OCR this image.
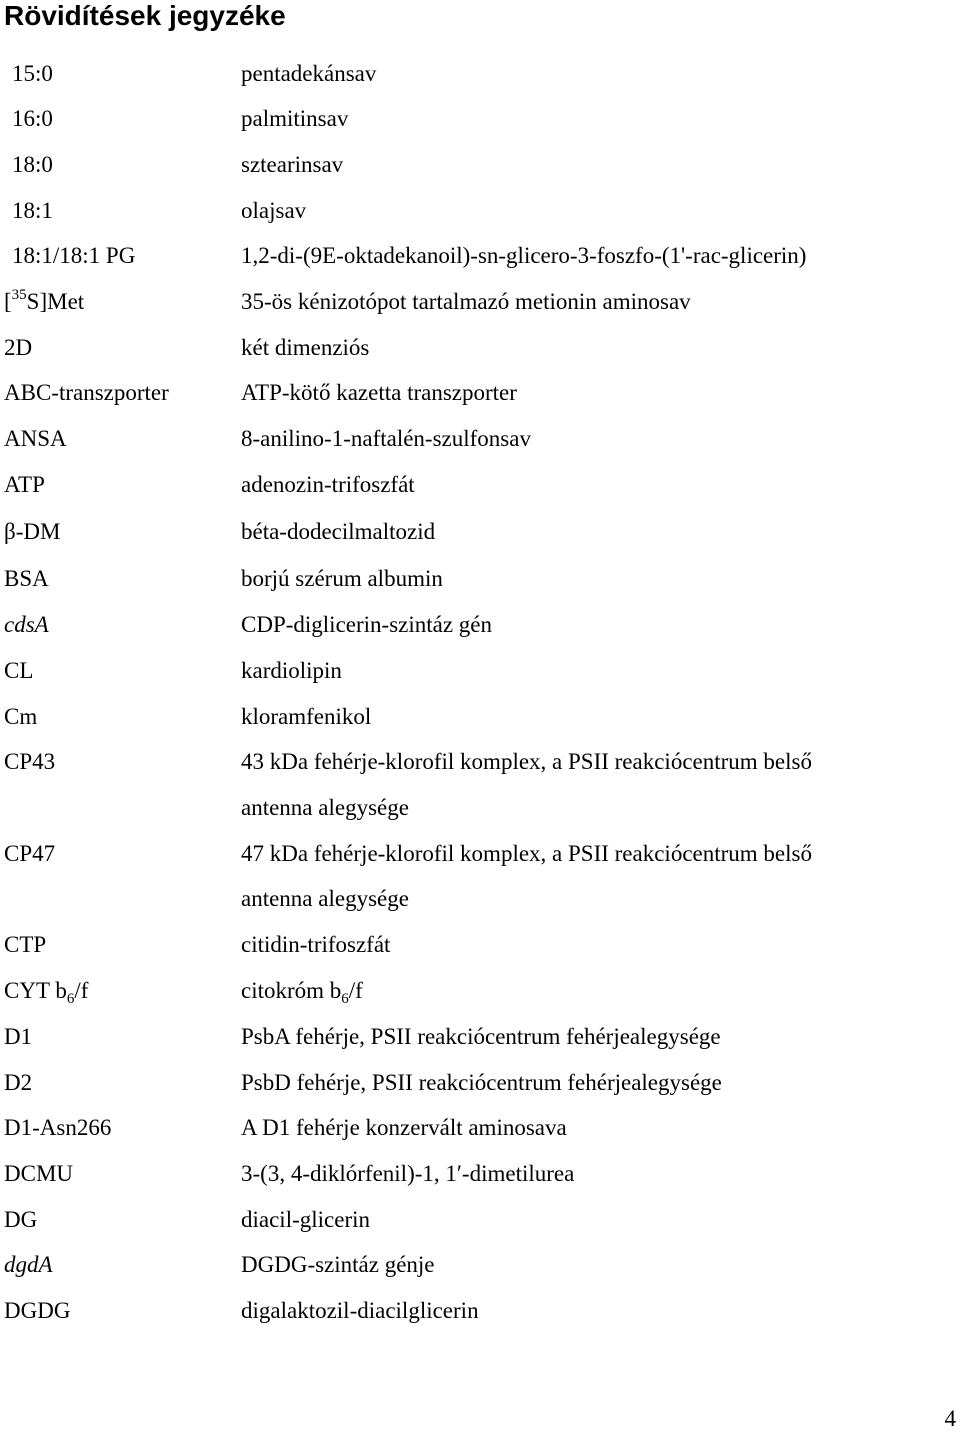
Rövidítések jegyzéke
15:0	pentadekánsav
16:0	palmitinsav
18:0	sztearinsav
18:1	olajsav
18:1/18:1 PG	1,2-di-(9E-oktadekanoil)-sn-glicero-3-foszfo-(1'-rac-glicerin)
[$^{35}$S]Met	35-ös kénizotópot tartalmazó metionin aminosav
2D	két dimenziós
ABC-transzporter	ATP-kötő kazetta transzporter
ANSA	8-anilino-1-naftalén-szulfonsav
ATP	adenozin-trifoszfát
β-DM	béta-dodecilmaltozid
BSA	borjú szérum albumin
cdsA	CDP-diglicerin-szintáz gén
CL	kardiolipin
Cm	kloramfenikol
CP43	43 kDa fehérje-klorofil komplex, a PSII reakciócentrum belső
antenna alegysége
CP47	47 kDa fehérje-klorofil komplex, a PSII reakciócentrum belső
antenna alegysége
CTP	citidin-trifoszfát
CYT $b_6/f$	citokróm $b_6/f$
D1	PsbA fehérje, PSII reakciócentrum fehérjealegysége
D2	PsbD fehérje, PSII reakciócentrum fehérjealegysége
D1-Asn266	A D1 fehérje konzervált aminosava
DCMU	3-(3, 4-diklórfenil)-1, 1′-dimetilurea
DG	diacil-glicerin
dgdA	DGDG-szintáz génje
DGDG	digalaktozil-diacilglicerin
4
